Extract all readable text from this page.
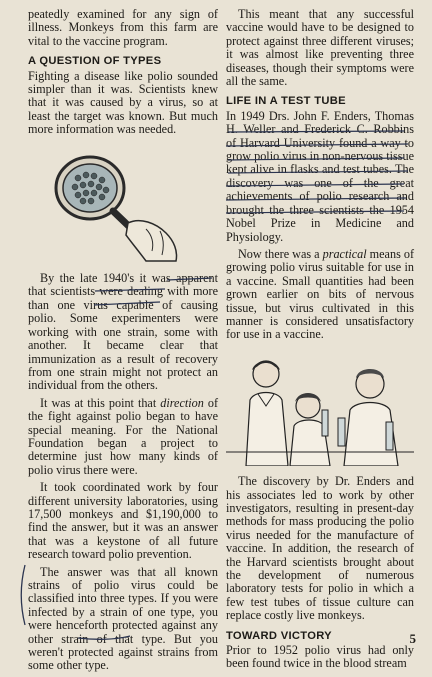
peatedly examined for any sign of illness. Monkeys from this farm are vital to the vaccine program.

A QUESTION OF TYPES

Fighting a disease like polio sounded simpler than it was. Scientists knew that it was caused by a virus, so at least the target was known. But much more information was needed.

By the late 1940's it was apparent that scientists were dealing with more than one virus capable of causing polio. Some experimenters were working with one strain, some with another. It became clear that immunization as a result of recovery from one strain might not protect an individual from the others.

It was at this point that direction of the fight against polio began to have special meaning. For the National Foundation began a project to determine just how many kinds of polio virus there were.

It took coordinated work by four different university laboratories, using 17,500 monkeys and $1,190,000 to find the answer, but it was an answer that was a keystone of all future research toward polio prevention.

The answer was that all known strains of polio virus could be classified into three types. If you were infected by a strain of one type, you were henceforth protected against any other strain of that type. But you weren't protected against strains from some other type.

This meant that any successful vaccine would have to be designed to protect against three different viruses; it was almost like preventing three diseases, though their symptoms were all the same.

LIFE IN A TEST TUBE

In 1949 Drs. John F. Enders, Thomas H. Weller and Frederick C. Robbins of Harvard University found a way to grow polio virus in non-nervous tissue kept alive in flasks and test tubes. The discovery was one of the great achievements of polio research and brought the three scientists the 1954 Nobel Prize in Medicine and Physiology.

Now there was a practical means of growing polio virus suitable for use in a vaccine. Small quantities had been grown earlier on bits of nervous tissue, but virus cultivated in this manner is considered unsatisfactory for use in a vaccine.

The discovery by Dr. Enders and his associates led to work by other investigators, resulting in present-day methods for mass producing the polio virus needed for the manufacture of vaccine. In addition, the research of the Harvard scientists brought about the development of numerous laboratory tests for polio in which a few test tubes of tissue culture can replace costly live monkeys.

TOWARD VICTORY

Prior to 1952 polio virus had only been found twice in the blood stream

5
